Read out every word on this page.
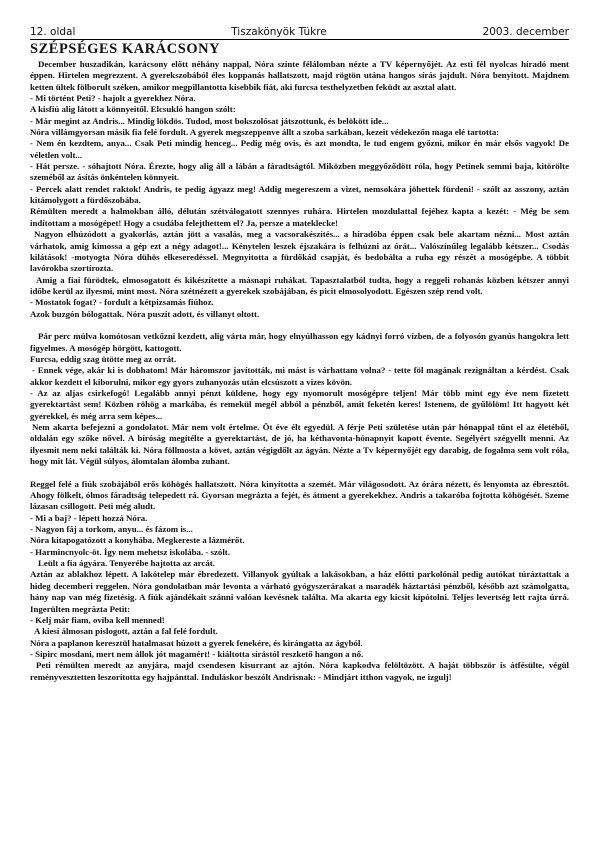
12. oldal	Tiszakönyök Tükre	2003. december
SZÉPSÉGES KARÁCSONY

December huszadikán, karácsony előtt néhány nappal, Nóra szinte félálomban nézte a TV képernyőjét. Az esti fél nyolcas híradó ment éppen. Hirtelen megrezzent. A gyerekszobából éles koppanás hallatszott, majd rögtön utána hangos sírás jajdult. Nóra benyitott. Majdnem ketten ültek fölborult széken, amikor megpillantotta kisebbik fiát, aki furcsa testhelyzetben feküdt az asztal alatt.

- Mi történt Peti? - hajolt a gyerekhez Nóra.

A kisfiú alig látott a könnyeitől. Elcsukló hangon szólt:

- Már megint az Andris... Mindig lökdös. Tudod, most bokszolósat játszottunk, és belökött ide...

Nóra villámgyorsan másik fia felé fordult. A gyerek megszeppenve állt a szoba sarkában, kezeit védekezőn maga elé tartotta:

- Nem én kezdtem, anya... Csak Peti mindig henceg... Pedig még ovis, és azt mondta, le tud engem győzni, mikor én már elsős vagyok! De véletlen volt...

- Hát persze. - sóhajtott Nóra. Érezte, hogy alig áll a lábán a fáradtságtól. Miközben meggyőződött róla, hogy Petinek semmi baja, kitörölte szeméből az ásítás önkéntelen könnyeit.

- Percek alatt rendet raktok! Andris, te pedig ágyazz meg! Addig megereszem a vizet, nemsokára jöhettek fürdeni! - szólt az asszony, aztán kitámolygott a fürdőszobába.

Rémülten meredt a halmokban álló, délután szétválogatott szennyes ruhára. Hirtelen mozdulattal fejéhez kapta a kezét: - Még be sem indítottam a mosógépet! Hogy a csudába felejthettem el? Ja, persze a mateklecke!

Nagyon elhúzódott a gyakorlás, aztán jött a vasalás, meg a vacsorakészítés... a híradóba éppen csak bele akartam nézni... Most aztán várhatok, amíg kimossa a gép ezt a négy adagot!... Kénytelen leszek éjszakára is felhúzni az órát... Valószínűleg legalább kétszer... Csodás kilátások! -motyogta Nóra dühös elkeseredéssel. Megnyitotta a fürdőkád csapját, és bedobálta a ruha egy részét a mosógépbe. A többit lavórokba szortírozta.

Amig a fiai fürödtek, elmosogatott és kikészítette a másnapi ruhákat. Tapasztalatból tudta, hogy a reggeli rohanás közben kétszer annyi időbe kerül az ilyesmi, mint most. Nóra szétnézett a gyerekek szobájában, és picit elmosolyodott. Egészen szép rend volt.

- Mostatok fogat? - fordult a kétpizsamás fiúhoz.

Azok buzgón bólogattak. Nóra puszit adott, és villanyt oltott.

Pár perc múlva komótosan vetkőzni kezdett, alig várta már, hogy elnyúlhasson egy kádnyi forró vízben, de a folyosón gyanús hangokra lett figyelmes. A mosógép hörgött, kattogott.

Furcsa, eddig szag ütötte meg az orrát.

- Ennek vége, akár ki is dobhatom! Már háromszor javították, mi mást is várhattam volna? - tette föl magának rezignáltan a kérdést. Csak akkor kezdett el kiborulni, mikor egy gyors zuhanyozás után elcsúszott a vizes kövön.

- Az az aljas csirkefogó! Legalább annyi pénzt küldene, hogy egy nyomorult mosógépre teljen! Már több mint egy éve nem fizetett gyerektartást sem! Közben röhög a markába, és remekül megél abból a pénzből, amit feketén keres! Istenem, de gyűlölöm! Itt hagyott két gyerekkel, és még arra sem képes...

Nem akarta befejezni a gondolatot. Már nem volt értelme. Öt éve élt egyedül. A férje Peti születése után pár hónappal tűnt el az életéből, oldalán egy szőke nővel. A bíróság megítélte a gyerektartást, de jó, ha kéthavonta-hónapnyit kapott évente. Segélyért szégyellt menni. Az ilyesmit nem neki találták ki. Nóra föllmosta a követ, aztán végigdőlt az ágyán. Nézte a Tv képernyőjét egy darabig, de fogalma sem volt róla, hogy mit lát. Végül súlyos, álomtalan álomba zuhant.

Reggel felé a fiúk szobájából erős köhögés hallatszott. Nóra kinyitotta a szemét. Már világosodott. Az órára nézett, és lenyomta az ébresztőt. Ahogy fölkelt, ólmos fáradtság telepedett rá. Gyorsan megrázta a fejét, és átment a gyerekekhez. Andris a takaróba fojtotta köhögését. Szeme lázasan csillogott. Peti még aludt.

- Mi a baj? - lépett hozzá Nóra.

- Nagyon fáj a torkom, anyu... és fázom is...

Nóra kitapogatózott a konyhába. Megkereste a lázmérőt.

- Harmincnyolc-öt. Így nem mehetsz iskolába. - szólt.

Leült a fia ágyára. Tenyerébe hajtotta az arcát.

Aztán az ablakhoz lépett. A lakótelep már ébredezett. Villanyok gyúltak a lakásokban, a ház előtti parkolónál pedig autókat túráztattak a hideg decemberi reggelen. Nóra gondolatban már levonta a várható gyógyszerárakat a maradék háztartási pénzből, később azt számolgatta, hány nap van még fizetésig. A fiúk ajándékait szánni valóan kevésnek találta. Ma akarta egy kicsit kipótolni. Teljes levertség lett rajta úrrá. Ingerülten megrázta Petit:

- Kelj már fiam, oviba kell menned!

A kiesi álmosan pislogott, aztán a fal felé fordult.

Nóra a paplanon keresztül hatalmasat húzott a gyerek fenekére, és kirángatta az ágyból.

- Sipirc mosdani, mert nem állok jót magamért! - kiáltotta sírástól reszkető hangon a nő.

Peti rémülten meredt az anyjára, majd csendesen kisurrant az ajtón. Nóra kapkodva felöltözött. A haját többször is átfésülte, végül reményvesztetten leszorította egy hajpánttal. Induláskor beszólt Andrisnak: - Mindjárt itthon vagyok, ne izgulj!
